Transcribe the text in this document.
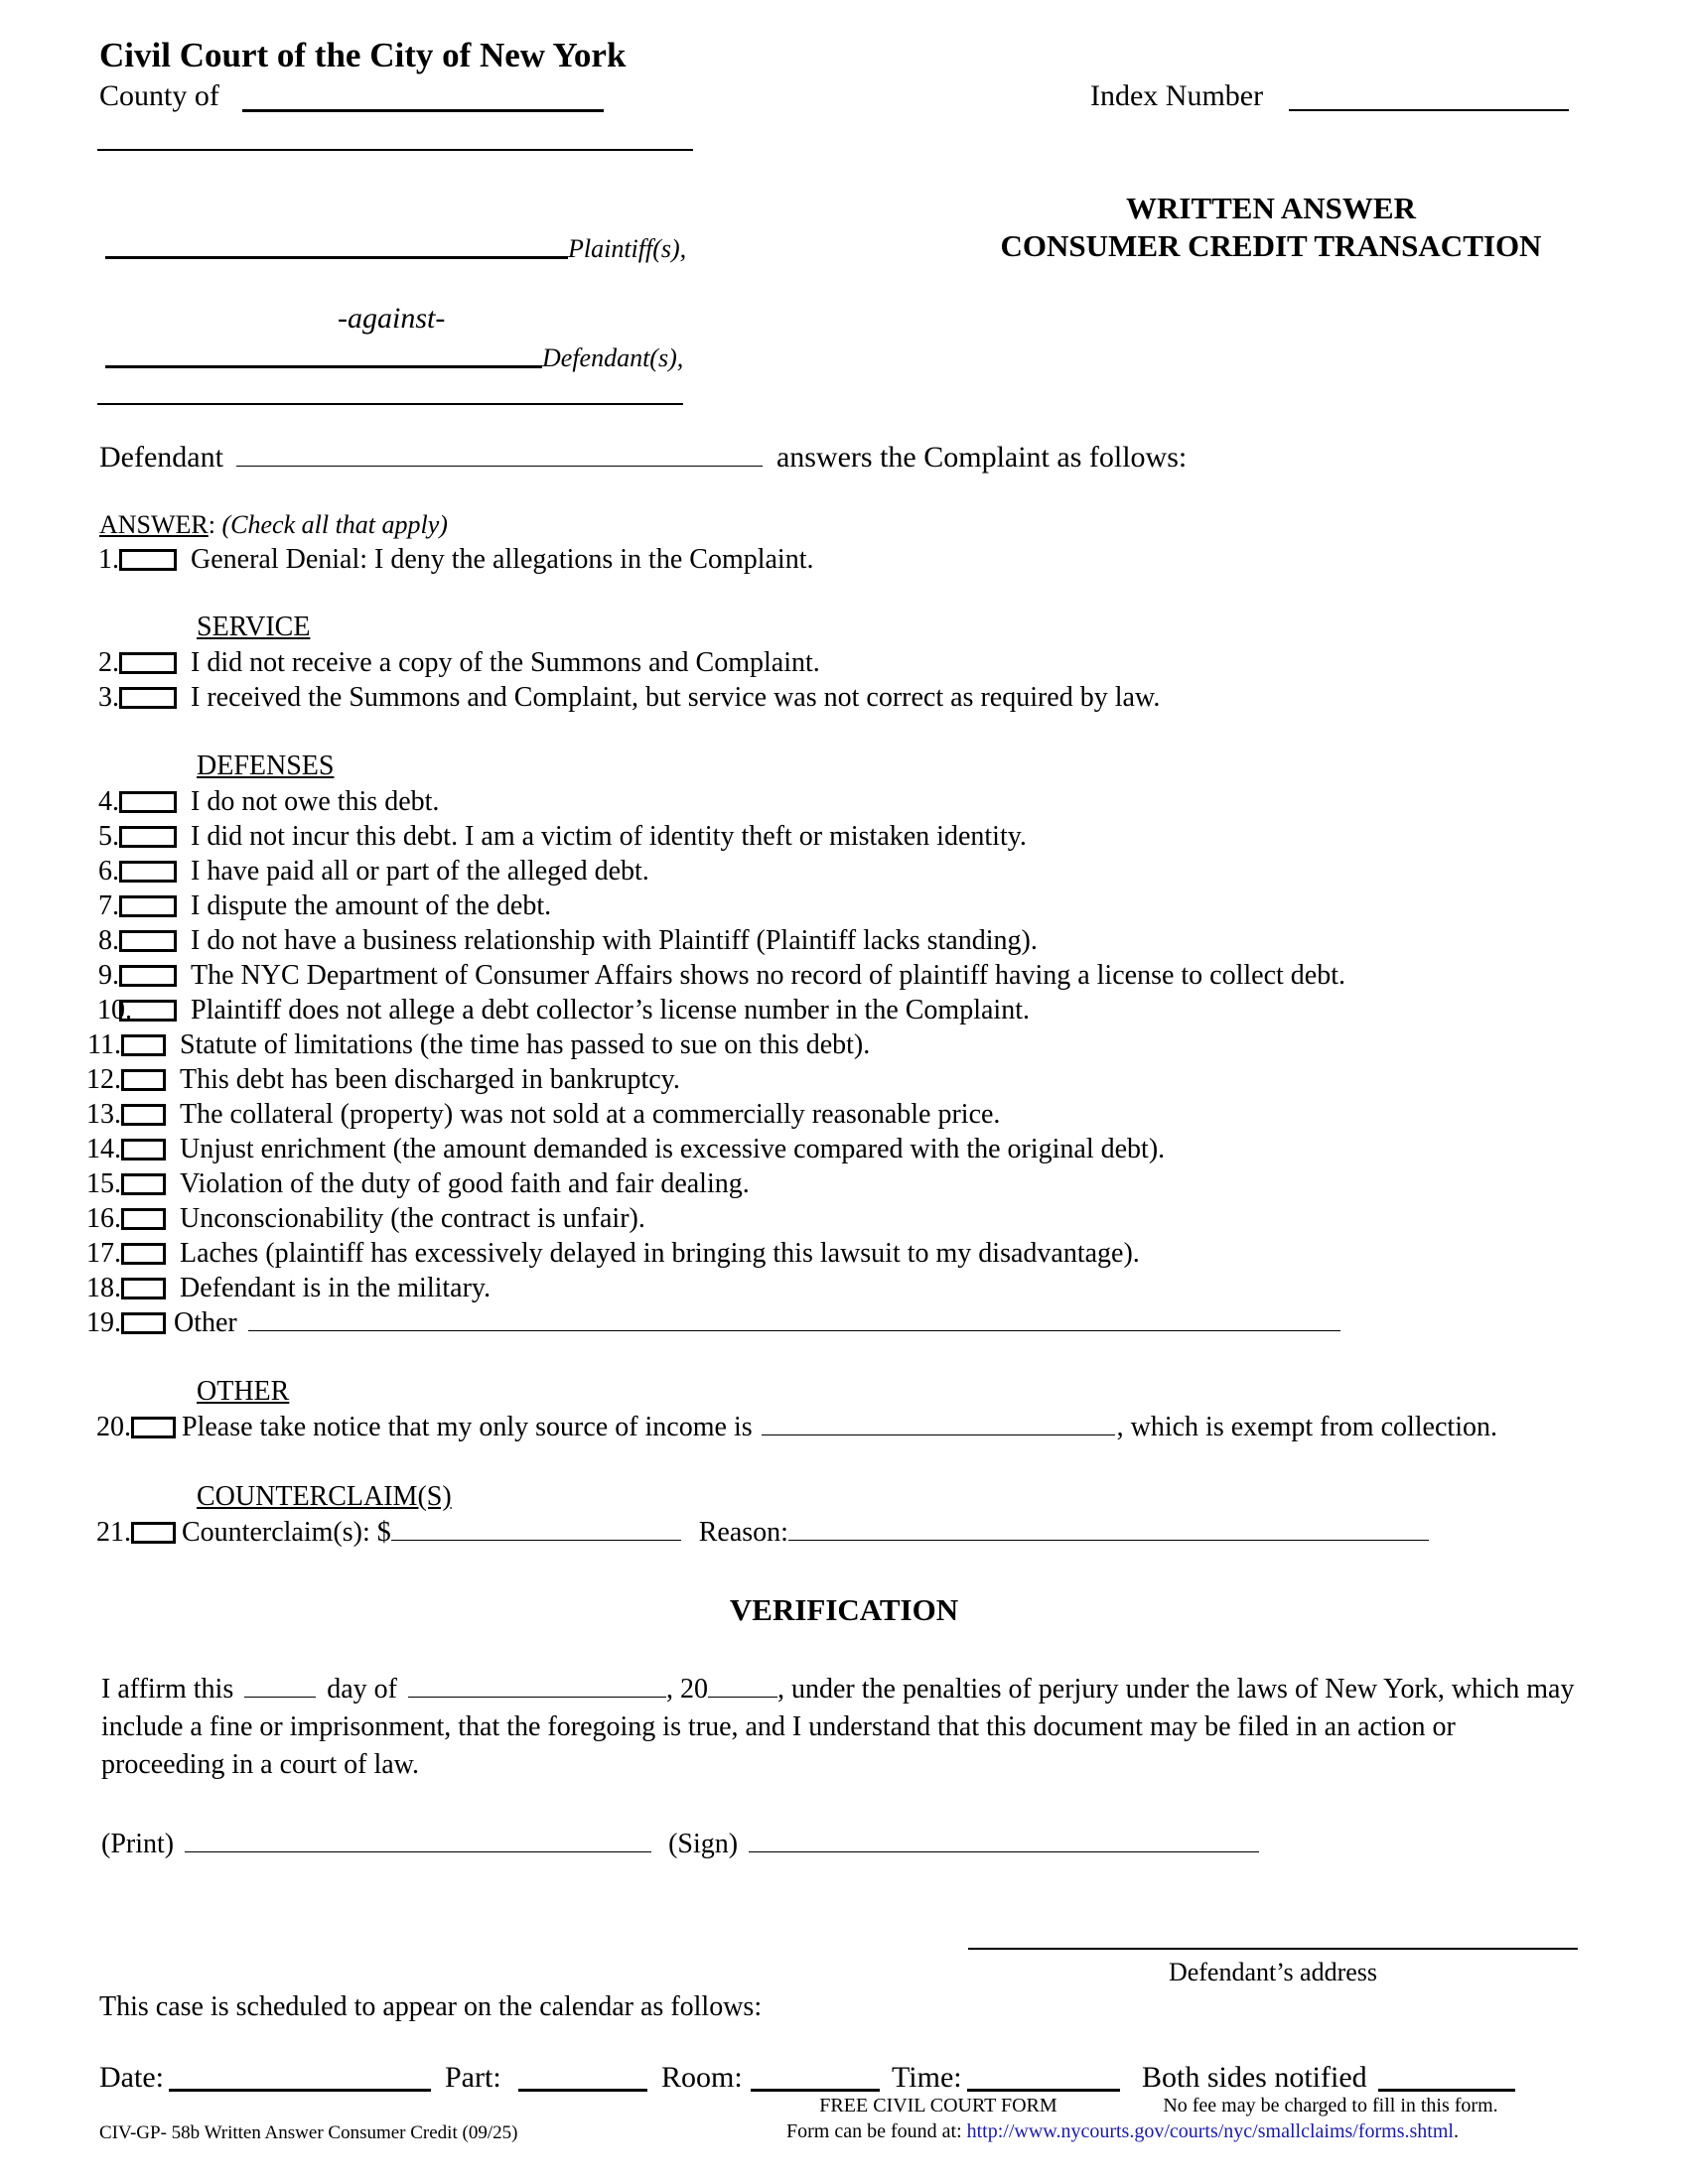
Civil Court of the City of New York
County of	Index Number
Plaintiff(s),
-against-
Defendant(s),
WRITTEN ANSWER
CONSUMER CREDIT TRANSACTION
Defendant	answers the Complaint as follows:
ANSWER: (Check all that apply)
1.	General Denial: I deny the allegations in the Complaint.
SERVICE
2.	I did not receive a copy of the Summons and Complaint.
3.	I received the Summons and Complaint, but service was not correct as required by law.
DEFENSES
4.	I do not owe this debt.
5.	I did not incur this debt. I am a victim of identity theft or mistaken identity.
6.	I have paid all or part of the alleged debt.
7.	I dispute the amount of the debt.
8.	I do not have a business relationship with Plaintiff (Plaintiff lacks standing).
9.	The NYC Department of Consumer Affairs shows no record of plaintiff having a license to collect debt.
10. Plaintiff does not allege a debt collector’s license number in the Complaint.
11. Statute of limitations (the time has passed to sue on this debt).
12. This debt has been discharged in bankruptcy.
13. The collateral (property) was not sold at a commercially reasonable price.
14. Unjust enrichment (the amount demanded is excessive compared with the original debt).
15. Violation of the duty of good faith and fair dealing.
16. Unconscionability (the contract is unfair).
17. Laches (plaintiff has excessively delayed in bringing this lawsuit to my disadvantage).
18. Defendant is in the military.
19. Other
OTHER
20. Please take notice that my only source of income is	, which is exempt from collection.
COUNTERCLAIM(S)
21. Counterclaim(s): $	Reason:
VERIFICATION
I affirm this	day of	, 20	, under the penalties of perjury under the laws of New York, which may
include a fine or imprisonment, that the foregoing is true, and I understand that this document may be filed in an action or
proceeding in a court of law.
(Print)	(Sign)
Defendant’s address
This case is scheduled to appear on the calendar as follows:
Date:	Part:	Room:	Time:	Both sides notified
FREE CIVIL COURT FORM	No fee may be charged to fill in this form.
CIV-GP- 58b Written Answer Consumer Credit (09/25)	Form can be found at: http://www.nycourts.gov/courts/nyc/smallclaims/forms.shtml.
